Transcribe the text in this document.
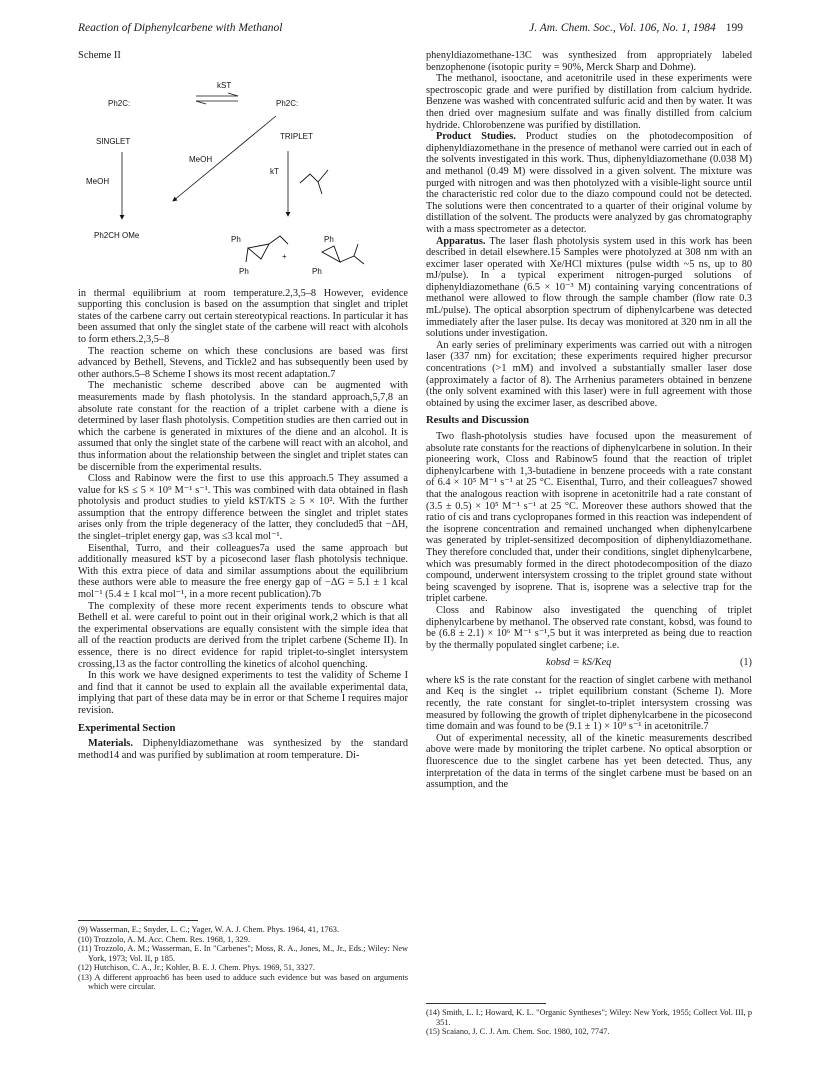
Reaction of Diphenylcarbene with Methanol	J. Am. Chem. Soc., Vol. 106, No. 1, 1984 199
Scheme II
kST
Ph2C:	Ph2C:
SINGLET
TRIPLET
MeOH
MeOH
Ph2CH OMe
kT
Ph
Ph
+
Ph
Ph

in thermal equilibrium at room temperature.2,3,5–8 However, evidence supporting this conclusion is based on the assumption that singlet and triplet states of the carbene carry out certain stereotypical reactions. In particular it has been assumed that only the singlet state of the carbene will react with alcohols to form ethers.2,3,5–8

The reaction scheme on which these conclusions are based was first advanced by Bethell, Stevens, and Tickle2 and has subsequently been used by other authors.5–8 Scheme I shows its most recent adaptation.7

The mechanistic scheme described above can be augmented with measurements made by flash photolysis. In the standard approach,5,7,8 an absolute rate constant for the reaction of a triplet carbene with a diene is determined by laser flash photolysis. Competition studies are then carried out in which the carbene is generated in mixtures of the diene and an alcohol. It is assumed that only the singlet state of the carbene will react with an alcohol, and thus information about the relationship between the singlet and triplet states can be discernible from the experimental results.

Closs and Rabinow were the first to use this approach.5 They assumed a value for kS ≤ 5 × 10⁹ M⁻¹ s⁻¹. This was combined with data obtained in flash photolysis and product studies to yield kST/kTS ≥ 5 × 10². With the further assumption that the entropy difference between the singlet and triplet states arises only from the triple degeneracy of the latter, they concluded5 that −ΔH, the singlet–triplet energy gap, was ≤3 kcal mol⁻¹.

Eisenthal, Turro, and their colleagues7a used the same approach but additionally measured kST by a picosecond laser flash photolysis technique. With this extra piece of data and similar assumptions about the equilibrium these authors were able to measure the free energy gap of −ΔG = 5.1 ± 1 kcal mol⁻¹ (5.4 ± 1 kcal mol⁻¹, in a more recent publication).7b

The complexity of these more recent experiments tends to obscure what Bethell et al. were careful to point out in their original work,2 which is that all the experimental observations are equally consistent with the simple idea that all of the reaction products are derived from the triplet carbene (Scheme II). In essence, there is no direct evidence for rapid triplet-to-singlet intersystem crossing,13 as the factor controlling the kinetics of alcohol quenching.

In this work we have designed experiments to test the validity of Scheme I and find that it cannot be used to explain all the available experimental data, implying that part of these data may be in error or that Scheme I requires major revision.

Experimental Section

Materials. Diphenyldiazomethane was synthesized by the standard method14 and was purified by sublimation at room temperature. Di-

phenyldiazomethane-13C was synthesized from appropriately labeled benzophenone (isotopic purity = 90%, Merck Sharp and Dohme).

The methanol, isooctane, and acetonitrile used in these experiments were spectroscopic grade and were purified by distillation from calcium hydride. Benzene was washed with concentrated sulfuric acid and then by water. It was then dried over magnesium sulfate and was finally distilled from calcium hydride. Chlorobenzene was purified by distillation.

Product Studies. Product studies on the photodecomposition of diphenyldiazomethane in the presence of methanol were carried out in each of the solvents investigated in this work. Thus, diphenyldiazomethane (0.038 M) and methanol (0.49 M) were dissolved in a given solvent. The mixture was purged with nitrogen and was then photolyzed with a visible-light source until the characteristic red color due to the diazo compound could not be detected. The solutions were then concentrated to a quarter of their original volume by distillation of the solvent. The products were analyzed by gas chromatography with a mass spectrometer as a detector.

Apparatus. The laser flash photolysis system used in this work has been described in detail elsewhere.15 Samples were photolyzed at 308 nm with an excimer laser operated with Xe/HCl mixtures (pulse width ~5 ns, up to 80 mJ/pulse). In a typical experiment nitrogen-purged solutions of diphenyldiazomethane (6.5 × 10⁻³ M) containing varying concentrations of methanol were allowed to flow through the sample chamber (flow rate 0.3 mL/pulse). The optical absorption spectrum of diphenylcarbene was detected immediately after the laser pulse. Its decay was monitored at 320 nm in all the solutions under investigation.

An early series of preliminary experiments was carried out with a nitrogen laser (337 nm) for excitation; these experiments required higher precursor concentrations (>1 mM) and involved a substantially smaller laser dose (approximately a factor of 8). The Arrhenius parameters obtained in benzene (the only solvent examined with this laser) were in full agreement with those obtained by using the excimer laser, as described above.

Results and Discussion

Two flash-photolysis studies have focused upon the measurement of absolute rate constants for the reactions of diphenylcarbene in solution. In their pioneering work, Closs and Rabinow5 found that the reaction of triplet diphenylcarbene with 1,3-butadiene in benzene proceeds with a rate constant of 6.4 × 10⁵ M⁻¹ s⁻¹ at 25 °C. Eisenthal, Turro, and their colleagues7 showed that the analogous reaction with isoprene in acetonitrile had a rate constant of (3.5 ± 0.5) × 10⁵ M⁻¹ s⁻¹ at 25 °C. Moreover these authors showed that the ratio of cis and trans cyclopropanes formed in this reaction was independent of the isoprene concentration and remained unchanged when diphenylcarbene was generated by triplet-sensitized decomposition of diphenyldiazomethane. They therefore concluded that, under their conditions, singlet diphenylcarbene, which was presumably formed in the direct photodecomposition of the diazo compound, underwent intersystem crossing to the triplet ground state without being scavenged by isoprene. That is, isoprene was a selective trap for the triplet carbene.

Closs and Rabinow also investigated the quenching of triplet diphenylcarbene by methanol. The observed rate constant, kobsd, was found to be (6.8 ± 2.1) × 10⁶ M⁻¹ s⁻¹,5 but it was interpreted as being due to reaction by the thermally populated singlet carbene; i.e.

kobsd = kS/Keq	(1)

where kS is the rate constant for the reaction of singlet carbene with methanol and Keq is the singlet ↔ triplet equilibrium constant (Scheme I). More recently, the rate constant for singlet-to-triplet intersystem crossing was measured by following the growth of triplet diphenylcarbene in the picosecond time domain and was found to be (9.1 ± 1) × 10⁹ s⁻¹ in acetonitrile.7

Out of experimental necessity, all of the kinetic measurements described above were made by monitoring the triplet carbene. No optical absorption or fluorescence due to the singlet carbene has yet been detected. Thus, any interpretation of the data in terms of the singlet carbene must be based on an assumption, and the

(9) Wasserman, E.; Snyder, L. C.; Yager, W. A. J. Chem. Phys. 1964, 41, 1763.
(10) Trozzolo, A. M. Acc. Chem. Res. 1968, 1, 329.
(11) Trozzolo, A. M.; Wasserman, E. In "Carbenes"; Moss, R. A., Jones, M., Jr., Eds.; Wiley: New York, 1973; Vol. II, p 185.
(12) Hutchison, C. A., Jr.; Kohler, B. E. J. Chem. Phys. 1969, 51, 3327.
(13) A different approach6 has been used to adduce such evidence but was based on arguments which were circular.
(14) Smith, L. I.; Howard, K. L. "Organic Syntheses"; Wiley: New York, 1955; Collect Vol. III, p 351.
(15) Scaiano, J. C. J. Am. Chem. Soc. 1980, 102, 7747.
